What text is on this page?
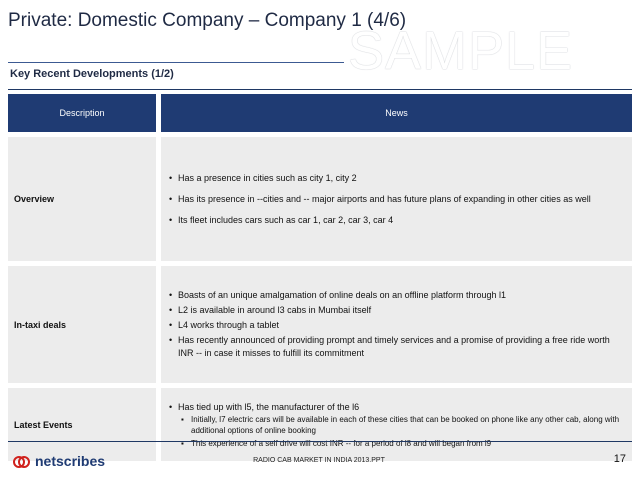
Private: Domestic Company – Company 1 (4/6)
SAMPLE
Key Recent Developments (1/2)
Description	News
Overview
• Has a presence in cities such as city 1, city 2
• Has its presence in --cities and -- major airports and has future plans of expanding in other cities as well
• Its fleet includes cars such as car 1, car 2, car 3, car 4
In-taxi deals
• Boasts of an unique amalgamation of online deals on an offline platform through l1
• L2 is available in around l3 cabs in Mumbai itself
• L4 works through a tablet
• Has recently announced of providing prompt and timely services and a promise of providing a free ride worth INR -- in case it misses to fulfill its commitment
Latest Events
• Has tied up with l5, the manufacturer of the l6
▪ Initially, l7 electric cars will be available in each of these cities that can be booked on phone like any other cab, along with additional options of online booking
▪ This experience of a self drive will cost INR -- for a period of l8 and will began from l9
netscribes	RADIO CAB MARKET IN INDIA 2013.PPT	17
